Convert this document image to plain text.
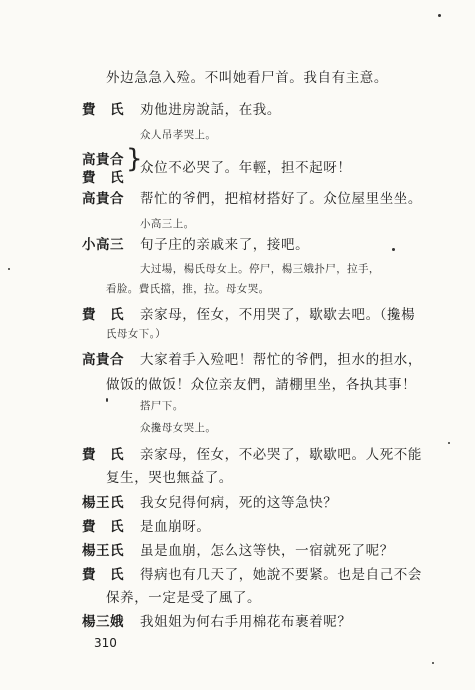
外边急急入殓。不叫她看尸首。我自有主意。
費　氏 劝他进房說話，在我。
众人吊孝哭上。
高貴合
費　氏
}
众位不必哭了。年輕，担不起呀！
高貴合 帮忙的爷們，把棺材搭好了。众位屋里坐坐。
小高三上。
小高三 旬子庄的亲戚来了，接吧。
大过場，楊氏母女上。停尸，楊三娥扑尸，拉手，
看脸。費氏擋，推，拉。母女哭。
費　氏 亲家母，侄女，不用哭了，歇歇去吧。（攙楊
氏母女下。）
高貴合 大家着手入殓吧！帮忙的爷們，担水的担水，
做饭的做饭！众位亲友們，請棚里坐，各执其事！
搭尸下。
众攙母女哭上。
費　氏 亲家母，侄女，不必哭了，歇歇吧。人死不能
复生，哭也無益了。
楊王氏 我女兒得何病，死的这等急快？
費　氏 是血崩呀。
楊王氏 虽是血崩，怎么这等快，一宿就死了呢？
費　氏 得病也有几天了，她說不要紧。也是自己不会
保养，一定是受了風了。
楊三娥 我姐姐为何右手用棉花布裹着呢？
310
